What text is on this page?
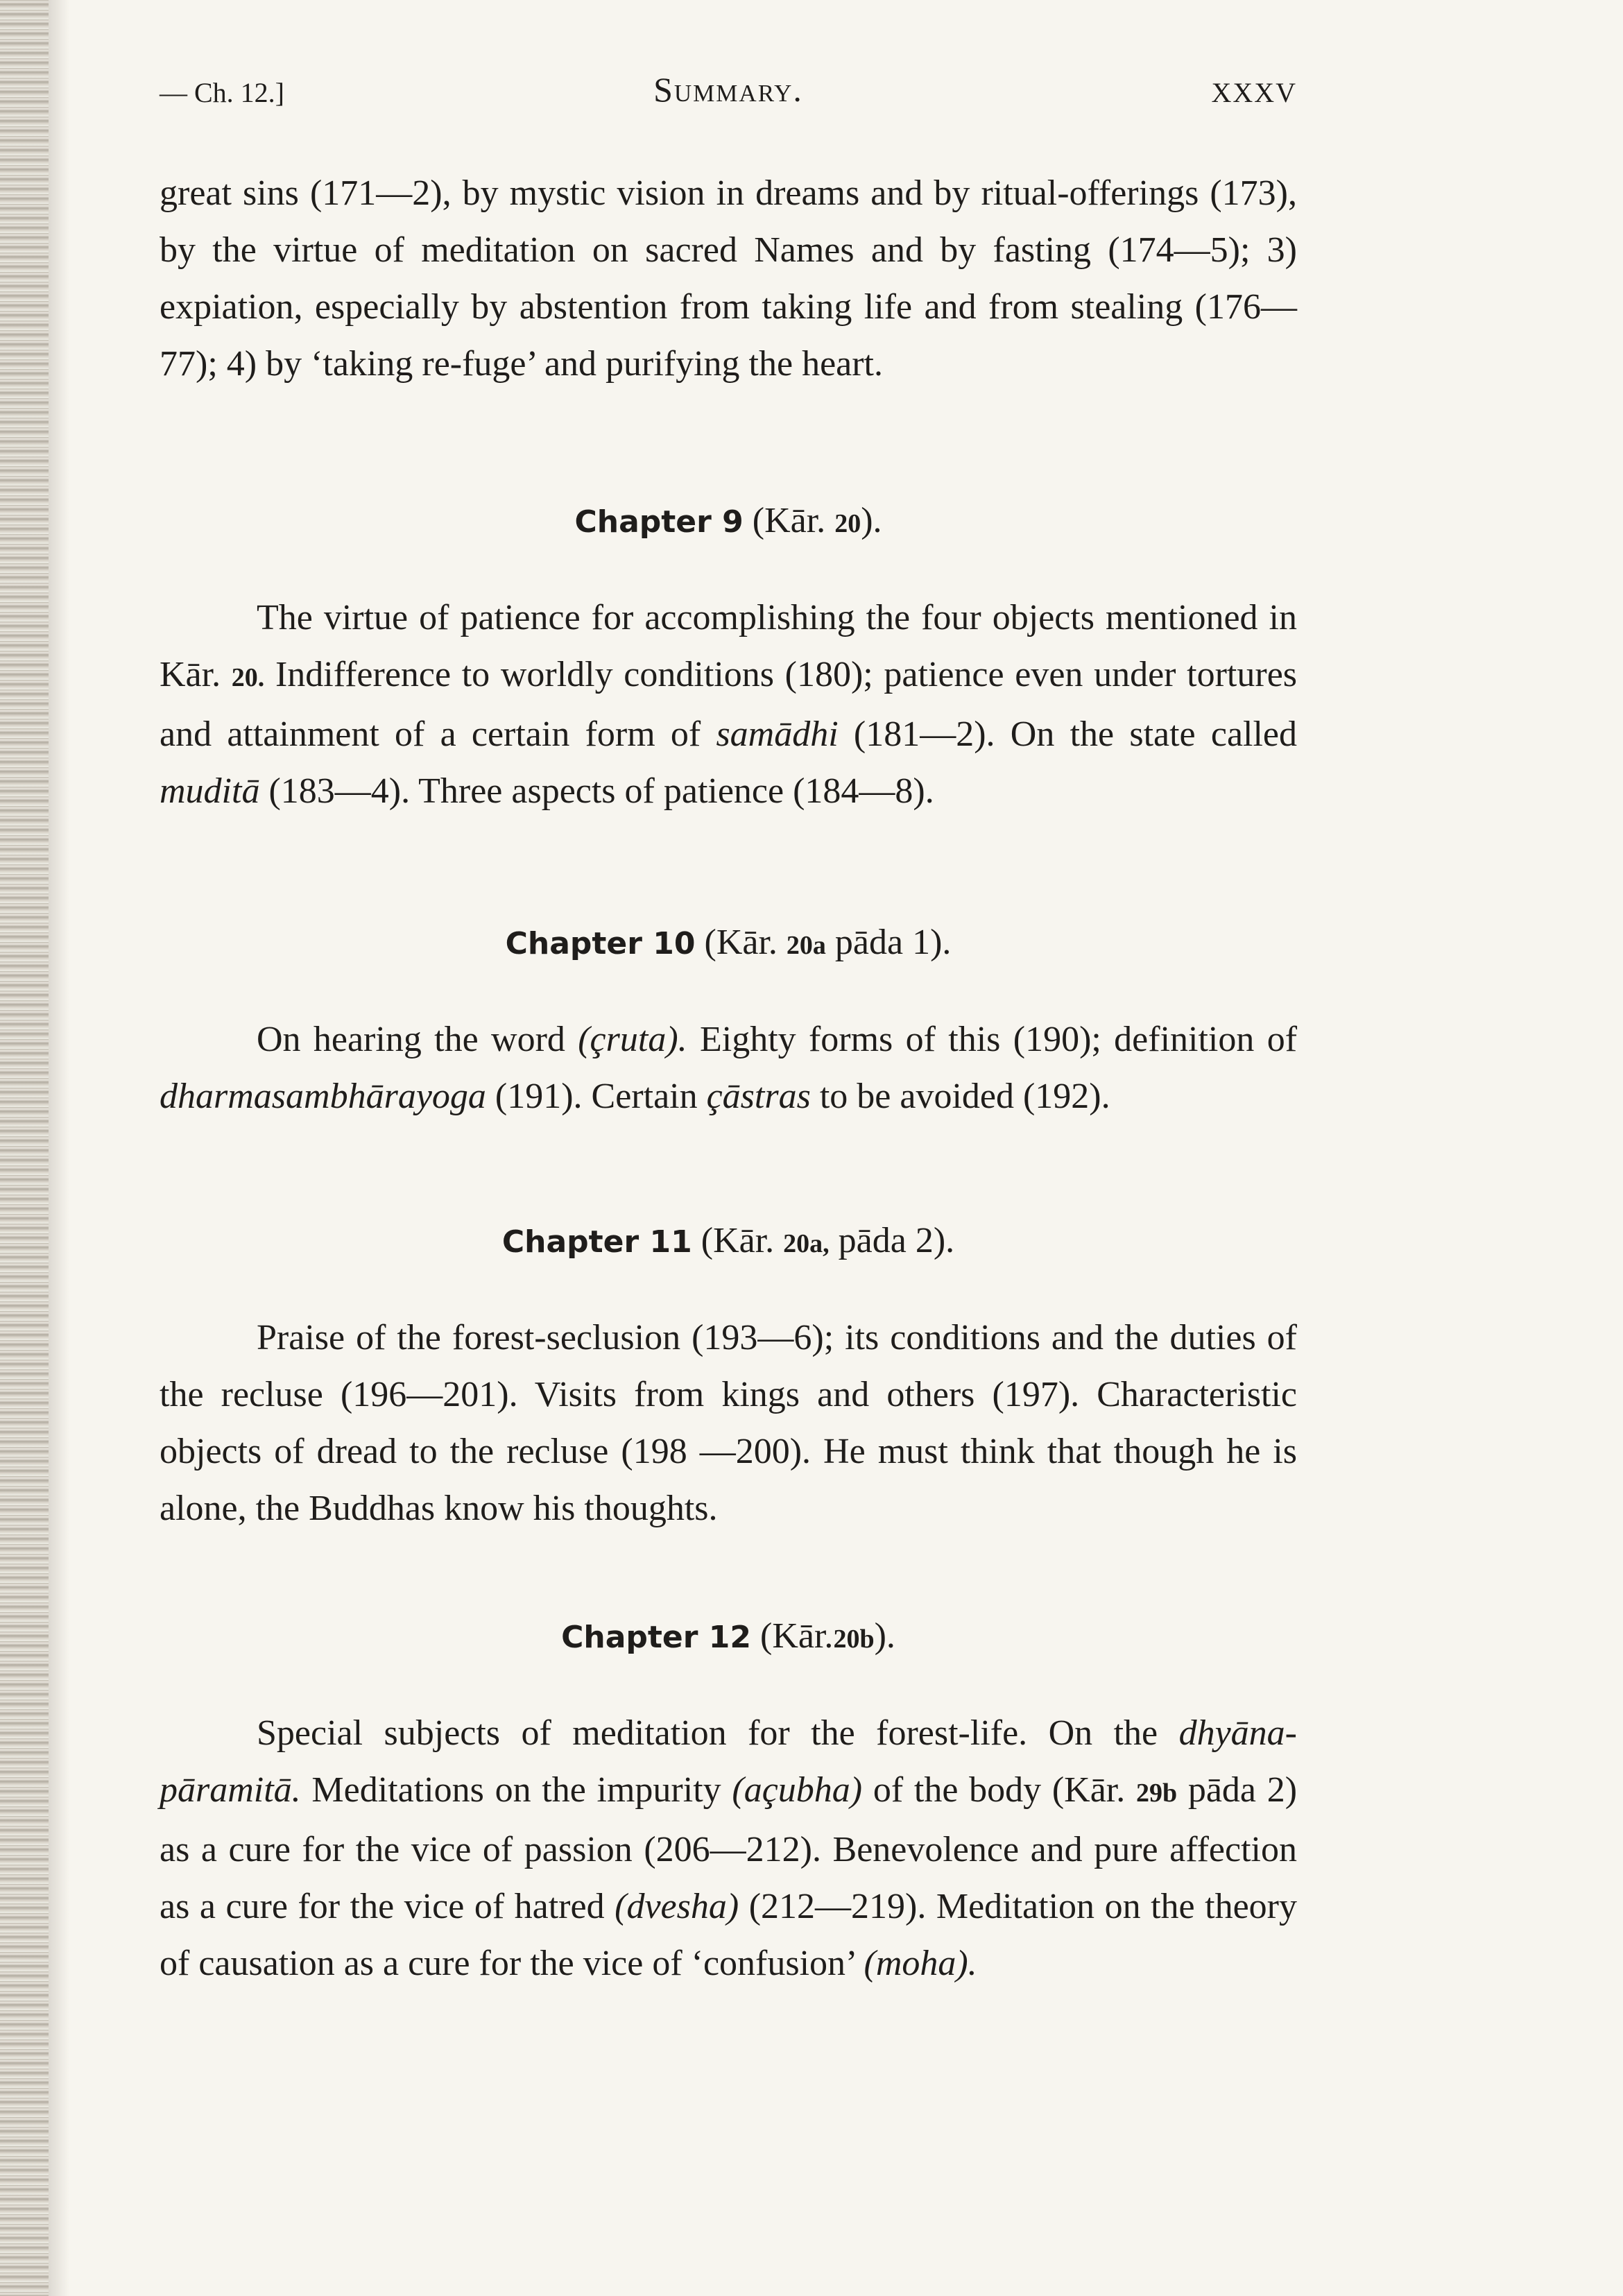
— Ch. 12.]	Summary.	XXXV

great sins (171—2), by mystic vision in dreams and by ritual-offerings (173), by the virtue of meditation on sacred Names and by fasting (174—5); 3) expiation, especially by abstention from taking life and from stealing (176—77); 4) by ‘taking re-fuge’ and purifying the heart.

Chapter 9 (Kār. 20).

The virtue of patience for accomplishing the four objects mentioned in Kār. 20. Indifference to worldly conditions (180); patience even under tortures and attainment of a certain form of samādhi (181—2). On the state called muditā (183—4). Three aspects of patience (184—8).

Chapter 10 (Kār. 20a pāda 1).

On hearing the word (çruta). Eighty forms of this (190); definition of dharmasambhārayoga (191). Certain çāstras to be avoided (192).

Chapter 11 (Kār. 20a, pāda 2).

Praise of the forest-seclusion (193—6); its conditions and the duties of the recluse (196—201). Visits from kings and others (197). Characteristic objects of dread to the recluse (198 —200). He must think that though he is alone, the Buddhas know his thoughts.

Chapter 12 (Kār.20b).

Special subjects of meditation for the forest-life. On the dhyāna-pāramitā. Meditations on the impurity (açubha) of the body (Kār. 29b pāda 2) as a cure for the vice of passion (206—212). Benevolence and pure affection as a cure for the vice of hatred (dvesha) (212—219). Meditation on the theory of causation as a cure for the vice of ‘confusion’ (moha).
